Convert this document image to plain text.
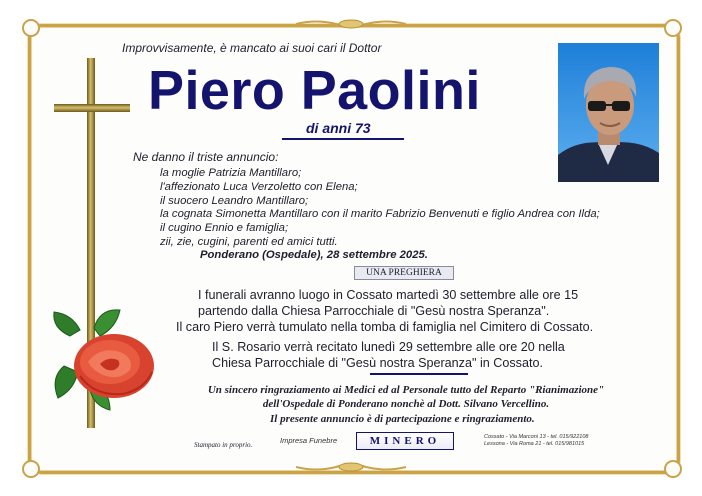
Improvvisamente, è mancato ai suoi cari il Dottor
Piero Paolini
di anni 73
Ne danno il triste annuncio:
la moglie Patrizia Mantillaro;
l'affezionato Luca Verzoletto con Elena;
il suocero Leandro Mantillaro;
la cognata Simonetta Mantillaro con il marito Fabrizio Benvenuti e figlio Andrea con Ilda;
il cugino Ennio e famiglia;
zii, zie, cugini, parenti ed amici tutti.
Ponderano (Ospedale), 28 settembre 2025.
UNA PREGHIERA
I funerali avranno luogo in Cossato martedì 30 settembre alle ore 15
partendo dalla Chiesa Parrocchiale di "Gesù nostra Speranza".
Il caro Piero verrà tumulato nella tomba di famiglia nel Cimitero di Cossato.
Il S. Rosario verrà recitato lunedì 29 settembre alle ore 20 nella
Chiesa Parrocchiale di "Gesù nostra Speranza" in Cossato.
Un sincero ringraziamento ai Medici ed al Personale tutto del Reparto "Rianimazione"
dell'Ospedale di Ponderano nonchè al Dott. Silvano Vercellino.
Il presente annuncio è di partecipazione e ringraziamento.
Stampato in proprio.	Impresa Funebre	MINERO	Cossato - Via Marconi 13 - tel. 015/922108
Lessona - Via Roma 21 - tel. 015/981015
